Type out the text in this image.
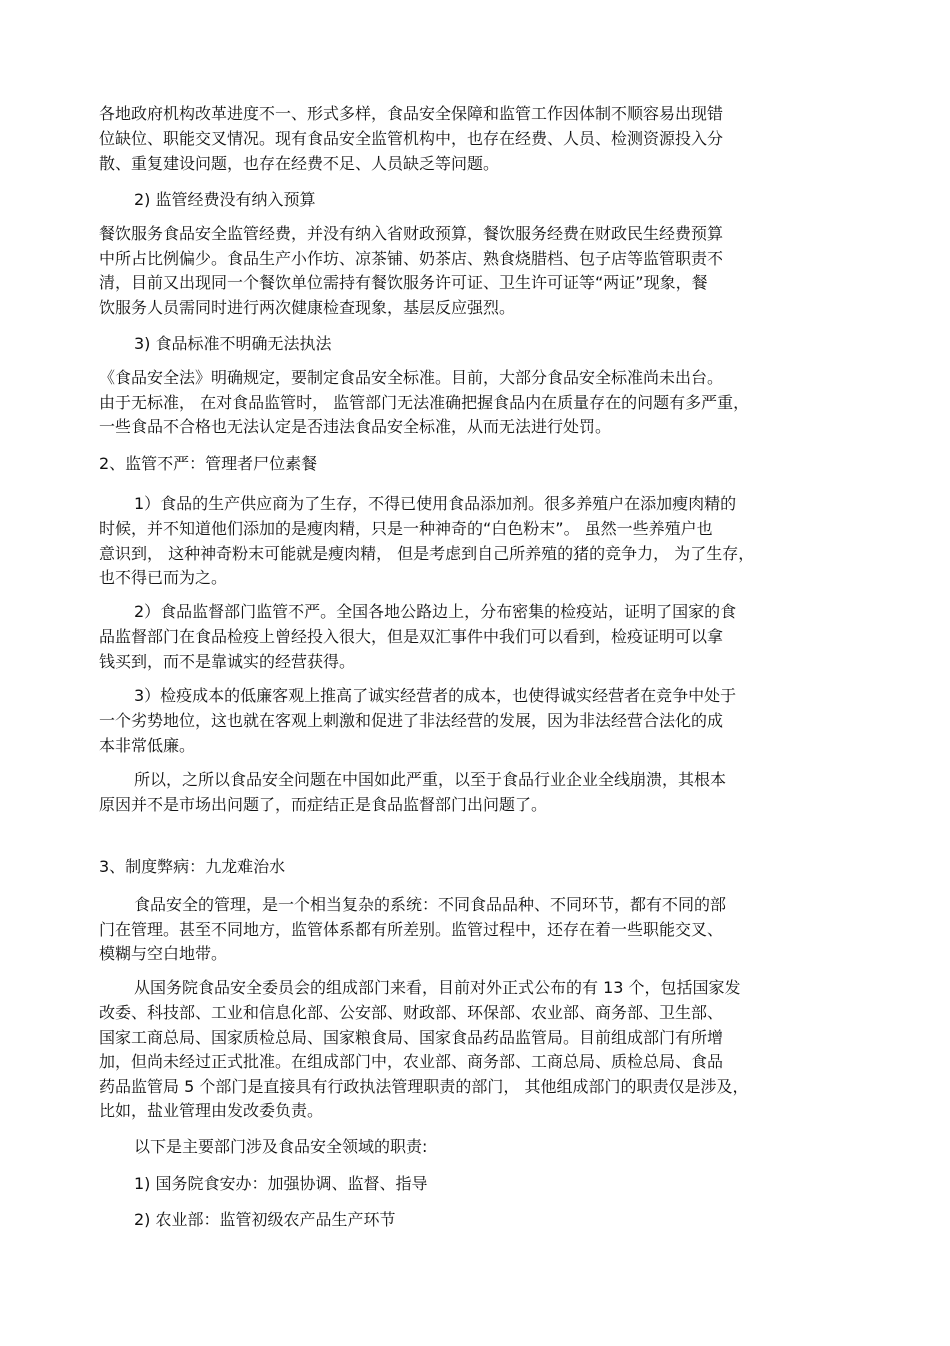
各地政府机构改革进度不一、形式多样，食品安全保障和监管工作因体制不顺容易出现错
位缺位、职能交叉情况。现有食品安全监管机构中，也存在经费、人员、检测资源投入分
散、重复建设问题，也存在经费不足、人员缺乏等问题。
2) 监管经费没有纳入预算
餐饮服务食品安全监管经费，并没有纳入省财政预算，餐饮服务经费在财政民生经费预算
中所占比例偏少。食品生产小作坊、凉茶铺、奶茶店、熟食烧腊档、包子店等监管职责不
清，目前又出现同一个餐饮单位需持有餐饮服务许可证、卫生许可证等“两证”现象，餐
饮服务人员需同时进行两次健康检查现象，基层反应强烈。
3) 食品标准不明确无法执法
《食品安全法》明确规定，要制定食品安全标准。目前，大部分食品安全标准尚未出台。
由于无标准， 在对食品监管时， 监管部门无法准确把握食品内在质量存在的问题有多严重，
一些食品不合格也无法认定是否违法食品安全标准，从而无法进行处罚。
2、监管不严：管理者尸位素餐
1）食品的生产供应商为了生存，不得已使用食品添加剂。很多养殖户在添加瘦肉精的
时候，并不知道他们添加的是瘦肉精，只是一种神奇的“白色粉末”。 虽然一些养殖户也
意识到， 这种神奇粉末可能就是瘦肉精， 但是考虑到自己所养殖的猪的竞争力， 为了生存，
也不得已而为之。
2）食品监督部门监管不严。全国各地公路边上，分布密集的检疫站，证明了国家的食
品监督部门在食品检疫上曾经投入很大，但是双汇事件中我们可以看到，检疫证明可以拿
钱买到，而不是靠诚实的经营获得。
3）检疫成本的低廉客观上推高了诚实经营者的成本，也使得诚实经营者在竞争中处于
一个劣势地位，这也就在客观上刺激和促进了非法经营的发展，因为非法经营合法化的成
本非常低廉。
所以，之所以食品安全问题在中国如此严重，以至于食品行业企业全线崩溃，其根本
原因并不是市场出问题了，而症结正是食品监督部门出问题了。
3、制度弊病：九龙难治水
食品安全的管理，是一个相当复杂的系统：不同食品品种、不同环节，都有不同的部
门在管理。甚至不同地方，监管体系都有所差别。监管过程中，还存在着一些职能交叉、
模糊与空白地带。
从国务院食品安全委员会的组成部门来看，目前对外正式公布的有 13 个，包括国家发
改委、科技部、工业和信息化部、公安部、财政部、环保部、农业部、商务部、卫生部、
国家工商总局、国家质检总局、国家粮食局、国家食品药品监管局。目前组成部门有所增
加，但尚未经过正式批准。在组成部门中，农业部、商务部、工商总局、质检总局、食品
药品监管局 5 个部门是直接具有行政执法管理职责的部门， 其他组成部门的职责仅是涉及，
比如，盐业管理由发改委负责。
以下是主要部门涉及食品安全领域的职责:
1) 国务院食安办：加强协调、监督、指导
2) 农业部：监管初级农产品生产环节
